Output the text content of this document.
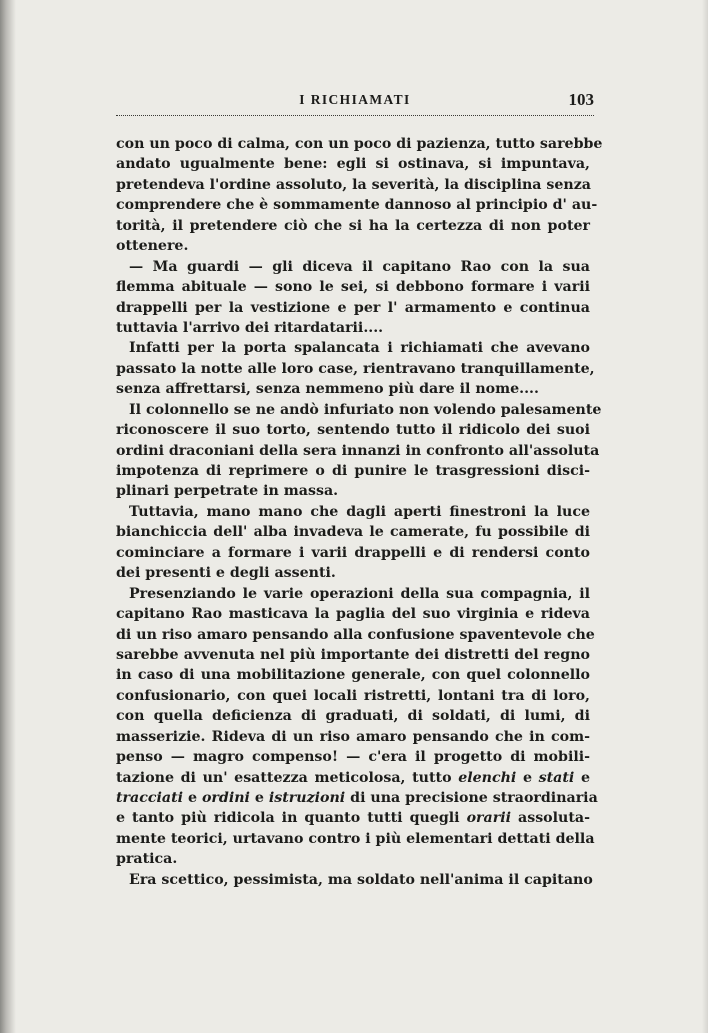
I RICHIAMATI	103
con un poco di calma, con un poco di pazienza, tutto sarebbe
andato ugualmente bene: egli si ostinava, si impuntava,
pretendeva l'ordine assoluto, la severità, la disciplina senza
comprendere che è sommamente dannoso al principio d' au-
torità, il pretendere ciò che si ha la certezza di non poter
ottenere.
— Ma guardi — gli diceva il capitano Rao con la sua
flemma abituale — sono le sei, si debbono formare i varii
drappelli per la vestizione e per l' armamento e continua
tuttavia l'arrivo dei ritardatarii....
Infatti per la porta spalancata i richiamati che avevano
passato la notte alle loro case, rientravano tranquillamente,
senza affrettarsi, senza nemmeno più dare il nome....
Il colonnello se ne andò infuriato non volendo palesamente
riconoscere il suo torto, sentendo tutto il ridicolo dei suoi
ordini draconiani della sera innanzi in confronto all'assoluta
impotenza di reprimere o di punire le trasgressioni disci-
plinari perpetrate in massa.
Tuttavia, mano mano che dagli aperti finestroni la luce
bianchiccia dell' alba invadeva le camerate, fu possibile di
cominciare a formare i varii drappelli e di rendersi conto
dei presenti e degli assenti.
Presenziando le varie operazioni della sua compagnia, il
capitano Rao masticava la paglia del suo virginia e rideva
di un riso amaro pensando alla confusione spaventevole che
sarebbe avvenuta nel più importante dei distretti del regno
in caso di una mobilitazione generale, con quel colonnello
confusionario, con quei locali ristretti, lontani tra di loro,
con quella deficienza di graduati, di soldati, di lumi, di
masserizie. Rideva di un riso amaro pensando che in com-
penso — magro compenso! — c'era il progetto di mobili-
tazione di un' esattezza meticolosa, tutto elenchi e stati e
tracciati e ordini e istruzioni di una precisione straordinaria
e tanto più ridicola in quanto tutti quegli orarii assoluta-
mente teorici, urtavano contro i più elementari dettati della
pratica.
Era scettico, pessimista, ma soldato nell'anima il capitano
